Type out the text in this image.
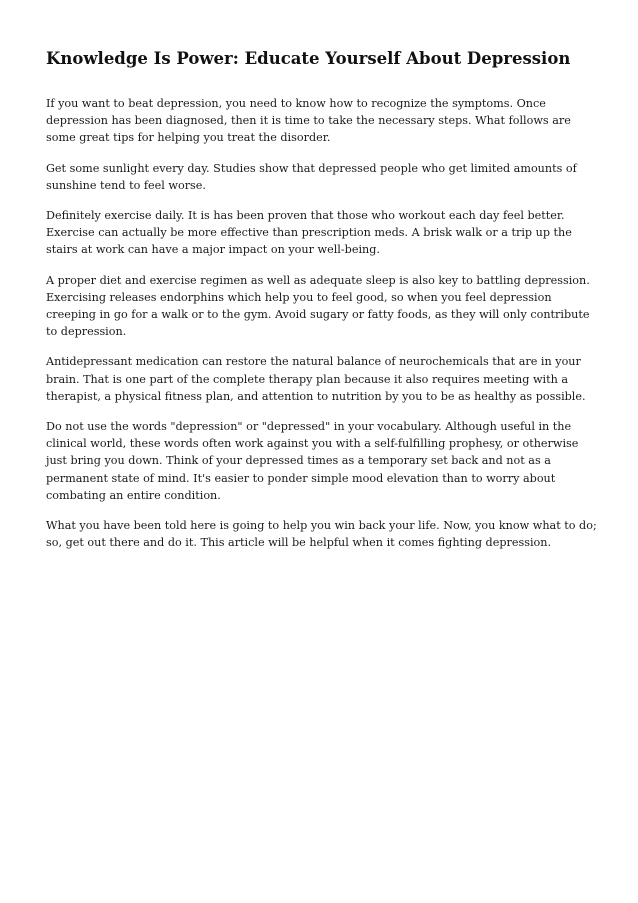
Knowledge Is Power: Educate Yourself About Depression

If you want to beat depression, you need to know how to recognize the symptoms. Once depression has been diagnosed, then it is time to take the necessary steps. What follows are some great tips for helping you treat the disorder.

Get some sunlight every day. Studies show that depressed people who get limited amounts of sunshine tend to feel worse.

Definitely exercise daily. It is has been proven that those who workout each day feel better. Exercise can actually be more effective than prescription meds. A brisk walk or a trip up the stairs at work can have a major impact on your well-being.

A proper diet and exercise regimen as well as adequate sleep is also key to battling depression. Exercising releases endorphins which help you to feel good, so when you feel depression creeping in go for a walk or to the gym. Avoid sugary or fatty foods, as they will only contribute to depression.

Antidepressant medication can restore the natural balance of neurochemicals that are in your brain. That is one part of the complete therapy plan because it also requires meeting with a therapist, a physical fitness plan, and attention to nutrition by you to be as healthy as possible.

Do not use the words "depression" or "depressed" in your vocabulary. Although useful in the clinical world, these words often work against you with a self-fulfilling prophesy, or otherwise just bring you down. Think of your depressed times as a temporary set back and not as a permanent state of mind. It's easier to ponder simple mood elevation than to worry about combating an entire condition.

What you have been told here is going to help you win back your life. Now, you know what to do; so, get out there and do it. This article will be helpful when it comes fighting depression.
